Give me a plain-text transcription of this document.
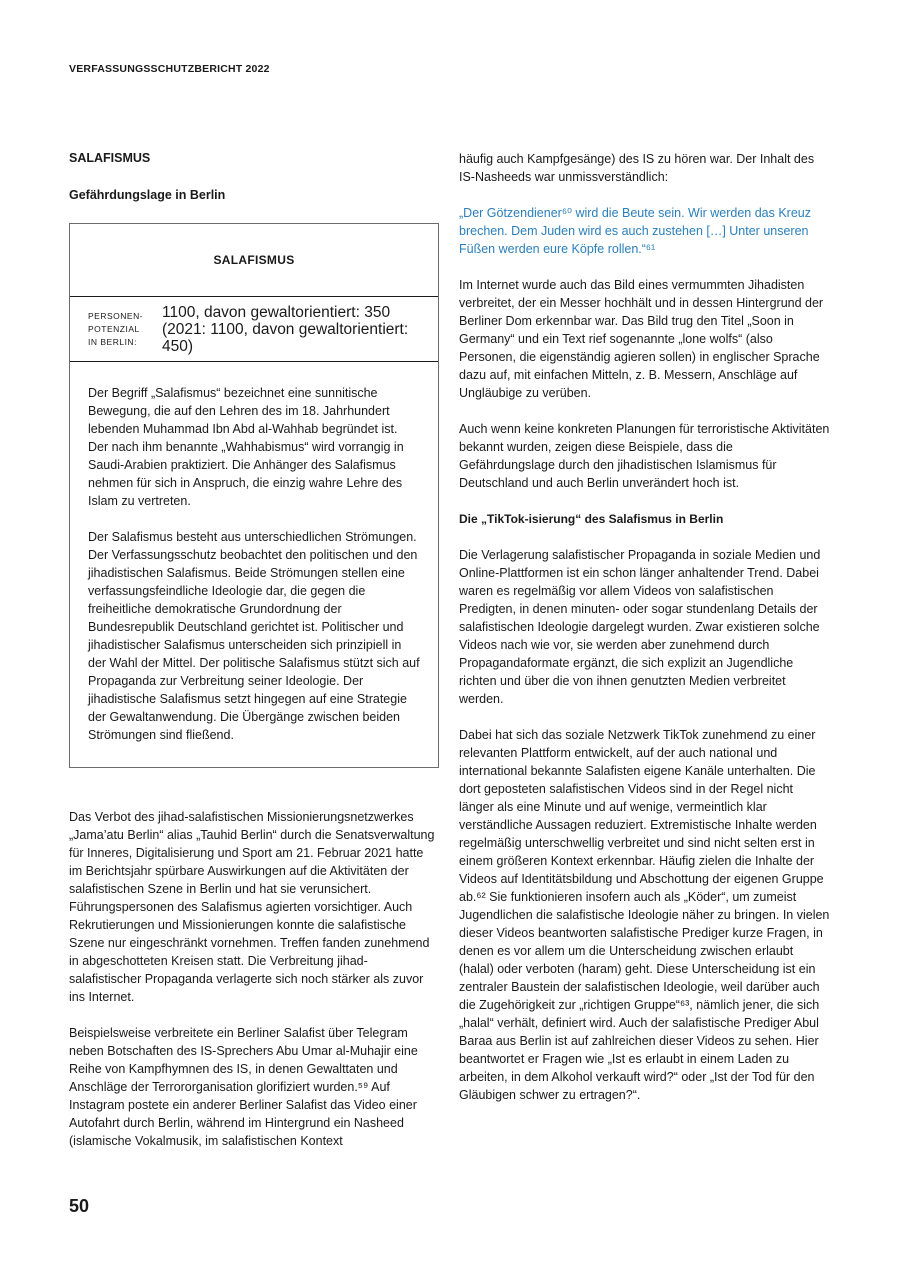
VERFASSUNGSSCHUTZBERICHT 2022
SALAFISMUS
Gefährdungslage in Berlin
SALAFISMUS
PERSONEN-
POTENZIAL
IN BERLIN:
1100, davon gewaltorientiert: 350 (2021: 1100, davon gewaltorientiert: 450)

Der Begriff „Salafismus“ bezeichnet eine sunnitische Bewegung, die auf den Lehren des im 18. Jahrhundert lebenden Muhammad Ibn Abd al-Wahhab begründet ist. Der nach ihm benannte „Wahhabismus“ wird vorrangig in Saudi-Arabien praktiziert. Die Anhänger des Salafismus nehmen für sich in Anspruch, die einzig wahre Lehre des Islam zu vertreten.

Der Salafismus besteht aus unterschiedlichen Strömungen. Der Verfassungsschutz beobachtet den politischen und den jihadistischen Salafismus. Beide Strömungen stellen eine verfassungsfeindliche Ideologie dar, die gegen die freiheitliche demokratische Grundordnung der Bundesrepublik Deutschland gerichtet ist. Politischer und jihadistischer Salafismus unterscheiden sich prinzipiell in der Wahl der Mittel. Der politische Salafismus stützt sich auf Propaganda zur Verbreitung seiner Ideologie. Der jihadistische Salafismus setzt hingegen auf eine Strategie der Gewaltanwendung. Die Übergänge zwischen beiden Strömungen sind fließend.

Das Verbot des jihad-salafistischen Missionierungsnetzwerkes „Jama’atu Berlin“ alias „Tauhid Berlin“ durch die Senatsverwaltung für Inneres, Digitalisierung und Sport am 21. Februar 2021 hatte im Berichtsjahr spürbare Auswirkungen auf die Aktivitäten der salafistischen Szene in Berlin und hat sie verunsichert. Führungspersonen des Salafismus agierten vorsichtiger. Auch Rekrutierungen und Missionierungen konnte die salafistische Szene nur eingeschränkt vornehmen. Treffen fanden zunehmend in abgeschotteten Kreisen statt. Die Verbreitung jihad-salafistischer Propaganda verlagerte sich noch stärker als zuvor ins Internet.

Beispielsweise verbreitete ein Berliner Salafist über Telegram neben Botschaften des IS-Sprechers Abu Umar al-Muhajir eine Reihe von Kampfhymnen des IS, in denen Gewalttaten und Anschläge der Terrororganisation glorifiziert wurden.⁵⁹ Auf Instagram postete ein anderer Berliner Salafist das Video einer Autofahrt durch Berlin, während im Hintergrund ein Nasheed (islamische Vokalmusik, im salafistischen Kontext

häufig auch Kampfgesänge) des IS zu hören war. Der Inhalt des IS-Nasheeds war unmissverständlich:

„Der Götzendiener⁶⁰ wird die Beute sein. Wir werden das Kreuz brechen. Dem Juden wird es auch zustehen […] Unter unseren Füßen werden eure Köpfe rollen.“⁶¹

Im Internet wurde auch das Bild eines vermummten Jihadisten verbreitet, der ein Messer hochhält und in dessen Hintergrund der Berliner Dom erkennbar war. Das Bild trug den Titel „Soon in Germany“ und ein Text rief sogenannte „lone wolfs“ (also Personen, die eigenständig agieren sollen) in englischer Sprache dazu auf, mit einfachen Mitteln, z. B. Messern, Anschläge auf Ungläubige zu verüben.

Auch wenn keine konkreten Planungen für terroristische Aktivitäten bekannt wurden, zeigen diese Beispiele, dass die Gefährdungslage durch den jihadistischen Islamismus für Deutschland und auch Berlin unverändert hoch ist.

Die „TikTok-isierung“ des Salafismus in Berlin

Die Verlagerung salafistischer Propaganda in soziale Medien und Online-Plattformen ist ein schon länger anhaltender Trend. Dabei waren es regelmäßig vor allem Videos von salafistischen Predigten, in denen minuten- oder sogar stundenlang Details der salafistischen Ideologie dargelegt wurden. Zwar existieren solche Videos nach wie vor, sie werden aber zunehmend durch Propagandaformate ergänzt, die sich explizit an Jugendliche richten und über die von ihnen genutzten Medien verbreitet werden.

Dabei hat sich das soziale Netzwerk TikTok zunehmend zu einer relevanten Plattform entwickelt, auf der auch national und international bekannte Salafisten eigene Kanäle unterhalten. Die dort geposteten salafistischen Videos sind in der Regel nicht länger als eine Minute und auf wenige, vermeintlich klar verständliche Aussagen reduziert. Extremistische Inhalte werden regelmäßig unterschwellig verbreitet und sind nicht selten erst in einem größeren Kontext erkennbar. Häufig zielen die Inhalte der Videos auf Identitätsbildung und Abschottung der eigenen Gruppe ab.⁶² Sie funktionieren insofern auch als „Köder“, um zumeist Jugendlichen die salafistische Ideologie näher zu bringen. In vielen dieser Videos beantworten salafistische Prediger kurze Fragen, in denen es vor allem um die Unterscheidung zwischen erlaubt (halal) oder verboten (haram) geht. Diese Unterscheidung ist ein zentraler Baustein der salafistischen Ideologie, weil darüber auch die Zugehörigkeit zur „richtigen Gruppe“⁶³, nämlich jener, die sich „halal“ verhält, definiert wird. Auch der salafistische Prediger Abul Baraa aus Berlin ist auf zahlreichen dieser Videos zu sehen. Hier beantwortet er Fragen wie „Ist es erlaubt in einem Laden zu arbeiten, in dem Alkohol verkauft wird?“ oder „Ist der Tod für den Gläubigen schwer zu ertragen?“.

50
